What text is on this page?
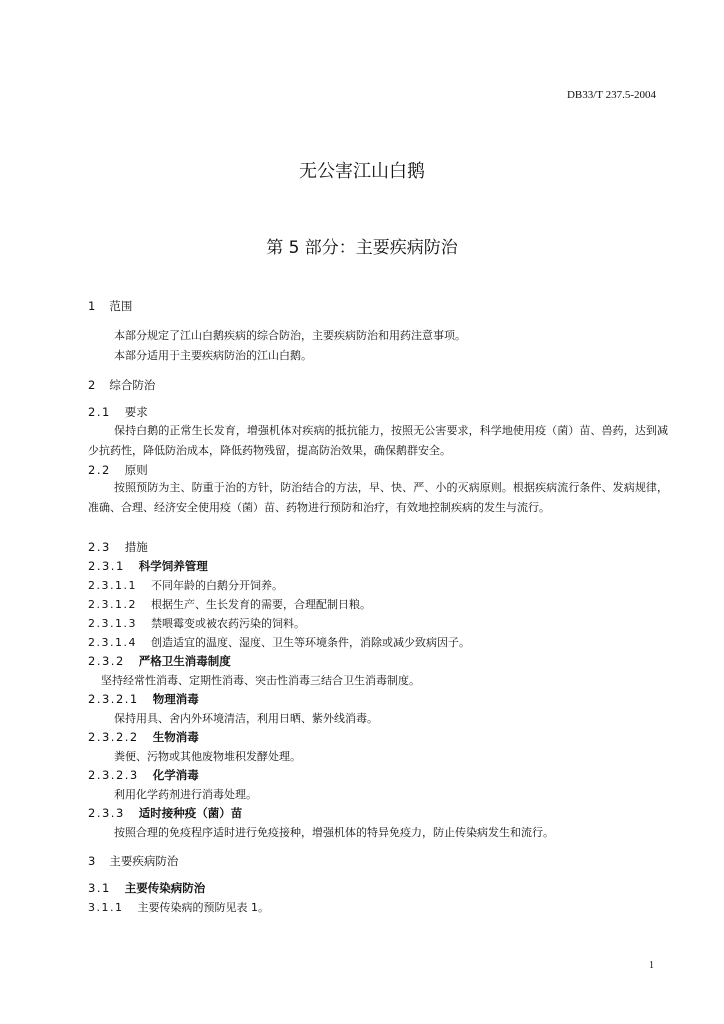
DB33/T 237.5-2004
无公害江山白鹅
第 5 部分：主要疾病防治
1 范围
本部分规定了江山白鹅疾病的综合防治，主要疾病防治和用药注意事项。
本部分适用于主要疾病防治的江山白鹅。
2 综合防治
2.1 要求
保持白鹅的正常生长发育，增强机体对疾病的抵抗能力，按照无公害要求，科学地使用疫（菌）苗、兽药，达到减少抗药性，降低防治成本，降低药物残留，提高防治效果，确保鹅群安全。
2.2 原则
按照预防为主、防重于治的方针，防治结合的方法，早、快、严、小的灭病原则。根据疾病流行条件、发病规律，准确、合理、经济安全使用疫（菌）苗、药物进行预防和治疗，有效地控制疾病的发生与流行。
2.3 措施
2.3.1 科学饲养管理
2.3.1.1 不同年龄的白鹅分开饲养。
2.3.1.2 根据生产、生长发育的需要，合理配制日粮。
2.3.1.3 禁喂霉变或被农药污染的饲料。
2.3.1.4 创造适宜的温度、湿度、卫生等环境条件，消除或减少致病因子。
2.3.2 严格卫生消毒制度
坚持经常性消毒、定期性消毒、突击性消毒三结合卫生消毒制度。
2.3.2.1 物理消毒
保持用具、舍内外环境清洁，利用日晒、紫外线消毒。
2.3.2.2 生物消毒
粪便、污物或其他废物堆积发酵处理。
2.3.2.3 化学消毒
利用化学药剂进行消毒处理。
2.3.3 适时接种疫（菌）苗
按照合理的免疫程序适时进行免疫接种，增强机体的特异免疫力，防止传染病发生和流行。
3 主要疾病防治
3.1 主要传染病防治
3.1.1 主要传染病的预防见表 1。
1
